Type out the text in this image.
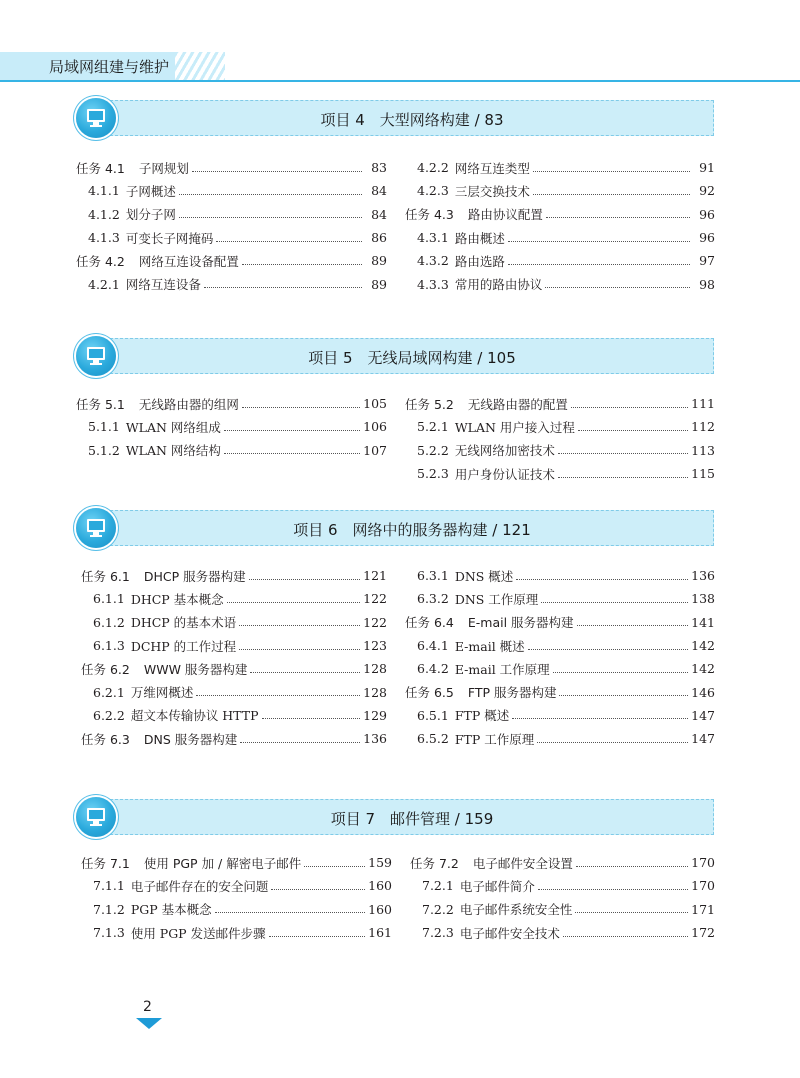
局域网组建与维护
项目 4　大型网络构建 / 83
任务 4.1 子网规划	83
4.1.1 子网概述	84
4.1.2 划分子网	84
4.1.3 可变长子网掩码	86
任务 4.2 网络互连设备配置	89
4.2.1 网络互连设备	89
4.2.2 网络互连类型	91
4.2.3 三层交换技术	92
任务 4.3 路由协议配置	96
4.3.1 路由概述	96
4.3.2 路由选路	97
4.3.3 常用的路由协议	98
项目 5　无线局域网构建 / 105
任务 5.1 无线路由器的组网	105
5.1.1 WLAN 网络组成	106
5.1.2 WLAN 网络结构	107
任务 5.2 无线路由器的配置	111
5.2.1 WLAN 用户接入过程	112
5.2.2 无线网络加密技术	113
5.2.3 用户身份认证技术	115
项目 6　网络中的服务器构建 / 121
任务 6.1 DHCP 服务器构建	121
6.1.1 DHCP 基本概念	122
6.1.2 DHCP 的基本术语	122
6.1.3 DCHP 的工作过程	123
任务 6.2 WWW 服务器构建	128
6.2.1 万维网概述	128
6.2.2 超文本传输协议 HTTP	129
任务 6.3 DNS 服务器构建	136
6.3.1 DNS 概述	136
6.3.2 DNS 工作原理	138
任务 6.4 E-mail 服务器构建	141
6.4.1 E-mail 概述	142
6.4.2 E-mail 工作原理	142
任务 6.5 FTP 服务器构建	146
6.5.1 FTP 概述	147
6.5.2 FTP 工作原理	147
项目 7　邮件管理 / 159
任务 7.1 使用 PGP 加 / 解密电子邮件	159
7.1.1 电子邮件存在的安全问题	160
7.1.2 PGP 基本概念	160
7.1.3 使用 PGP 发送邮件步骤	161
任务 7.2 电子邮件安全设置	170
7.2.1 电子邮件简介	170
7.2.2 电子邮件系统安全性	171
7.2.3 电子邮件安全技术	172
2
